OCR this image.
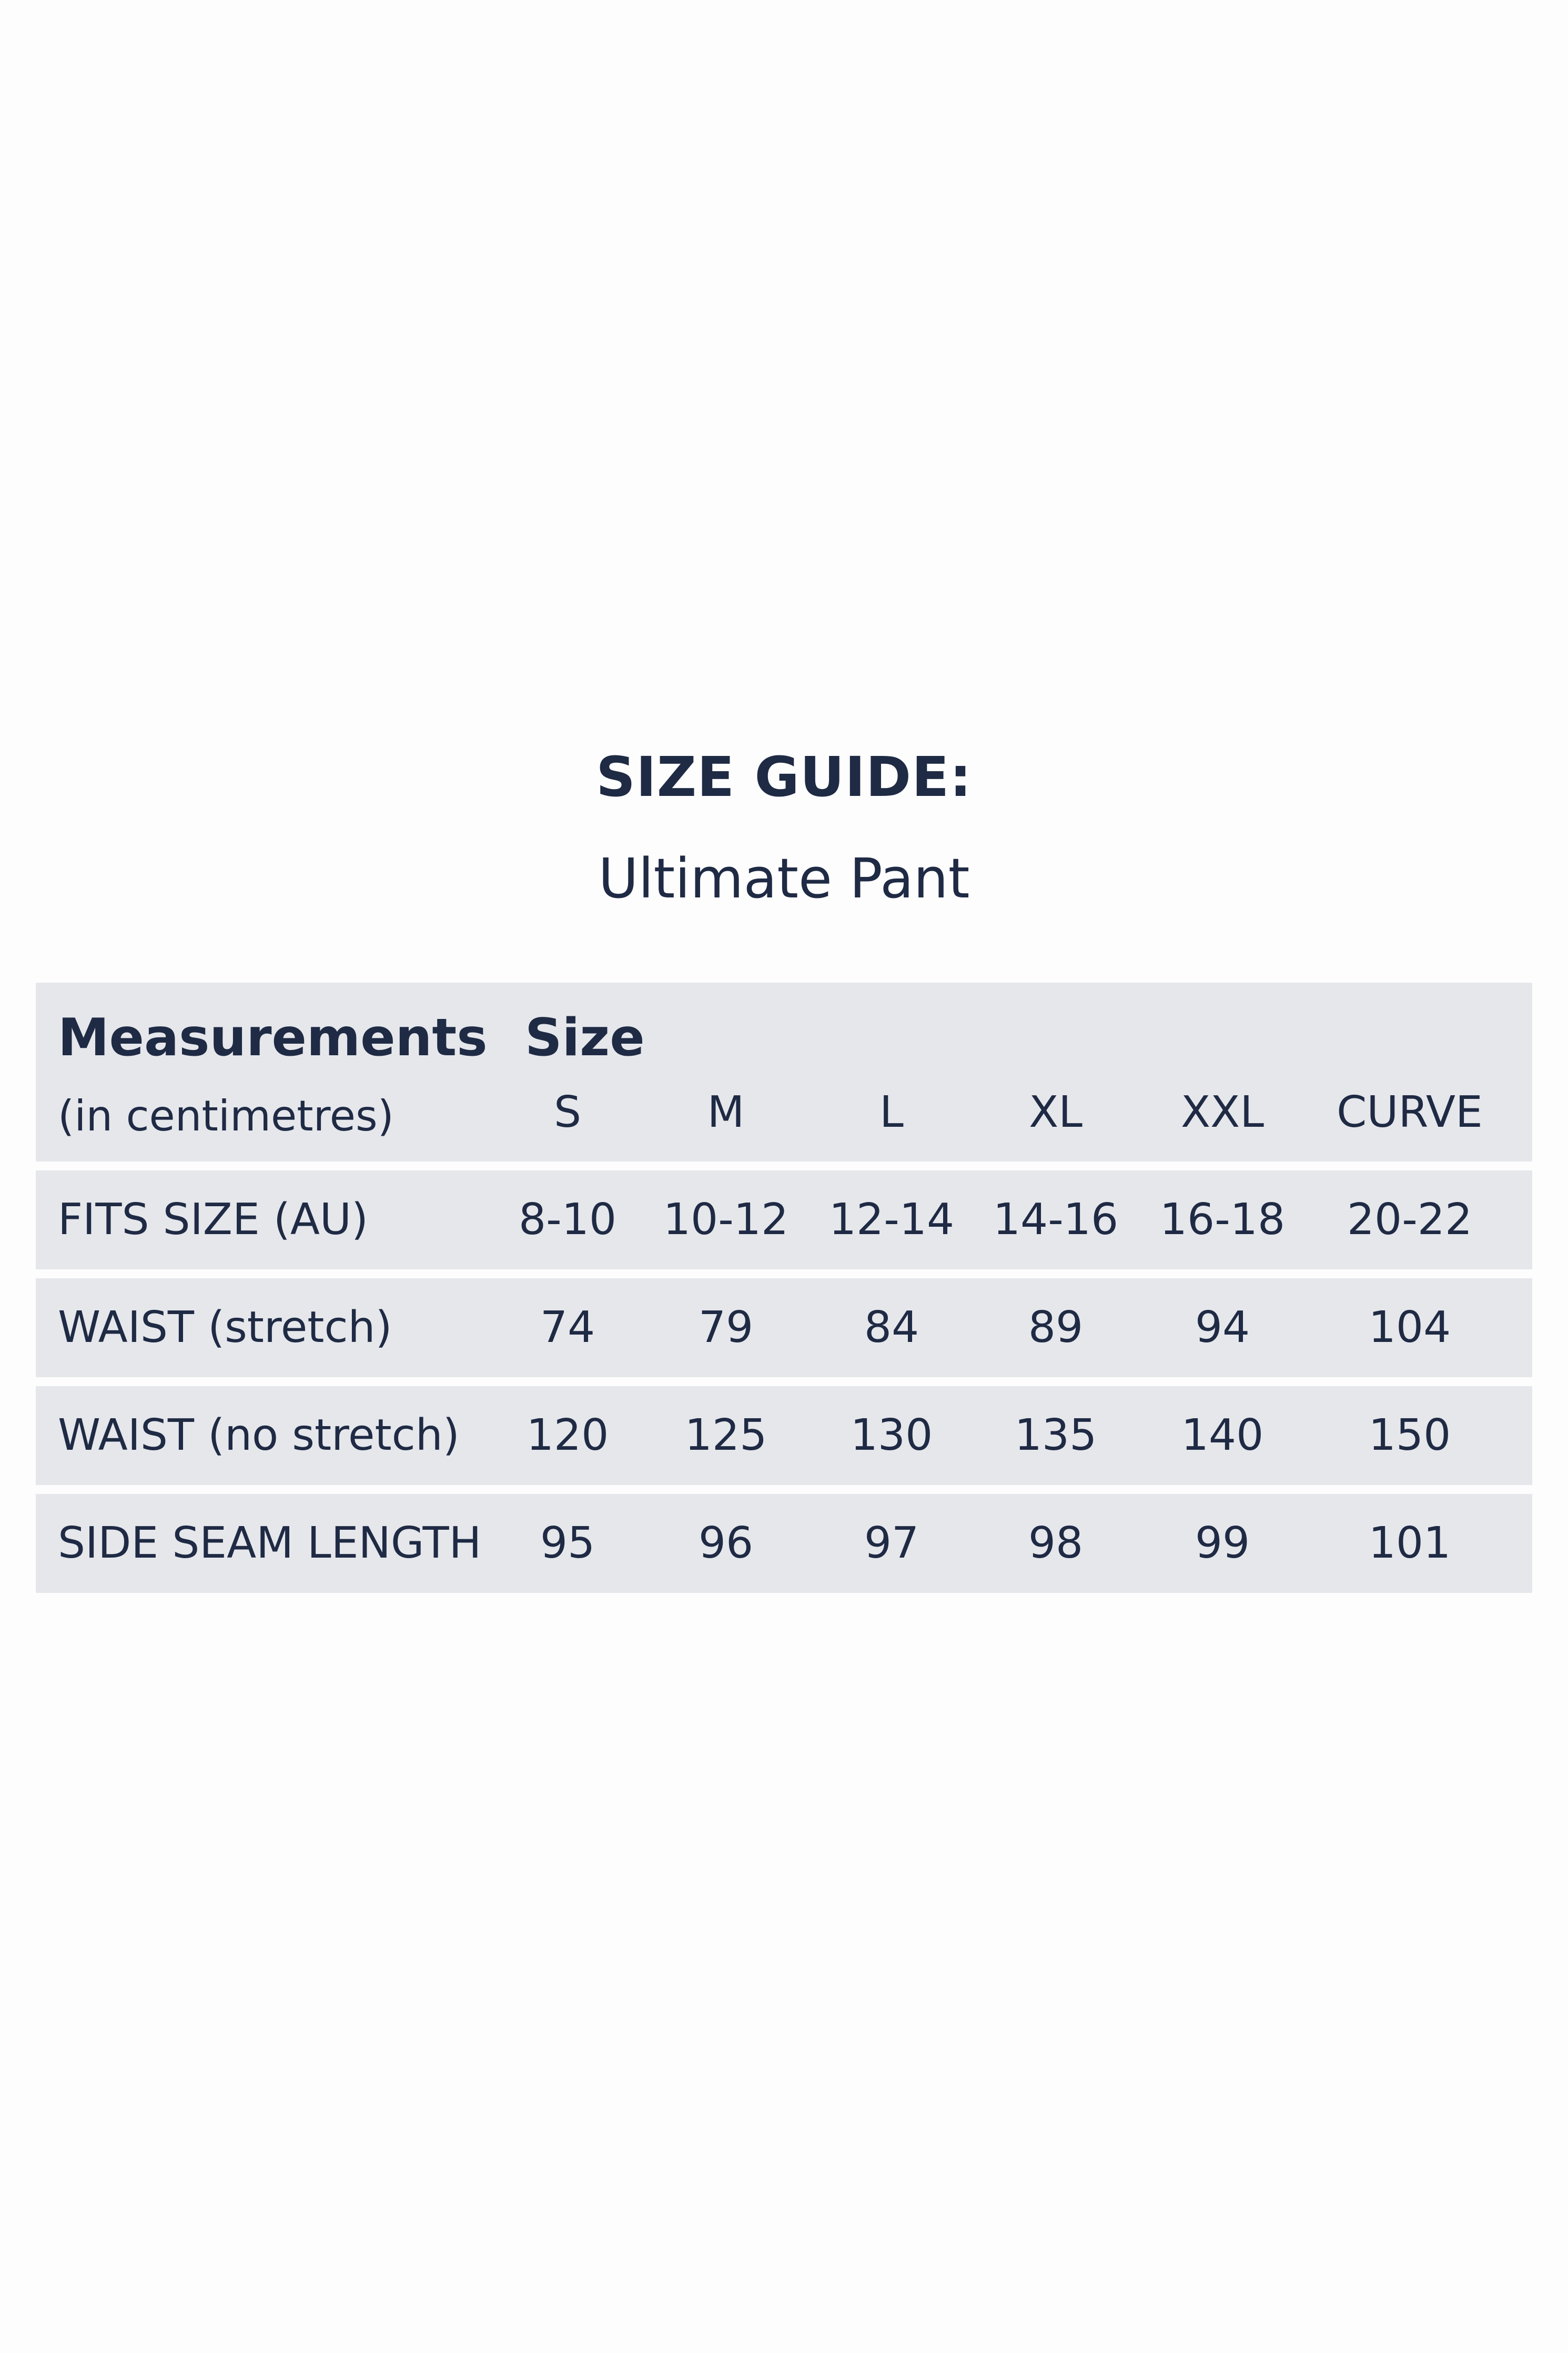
SIZE GUIDE:
Ultimate Pant
Measurements
(in centimetres)
Size
S	M	L	XL XXL CURVE
FITS SIZE (AU)	8-10 10-12 12-14 14-16 16-18 20-22
WAIST (stretch)	74 79	84	89	94	104
WAIST (no stretch) 120 125 130 135 140 150
SIDE SEAM LENGTH 95 96	97	98	99	101
